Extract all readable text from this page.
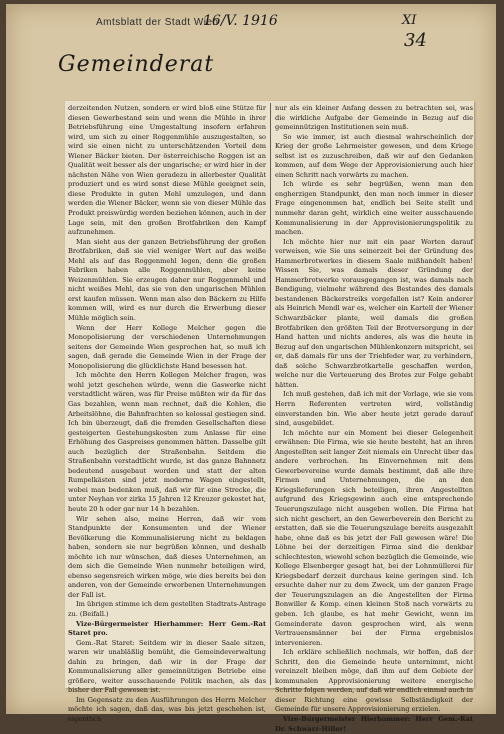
Amtsblatt der Stadt Wien
16/V. 1916	XI
34
Gemeinderat

derzeitenden Nutzen, sondern er wird bloß eine Stütze für diesen Gewerbestand sein und wenn die Mühle in ihrer Betriebsführung eine Umgestaltung insofern erfahren wird, um sich zu einer Roggenmühle auszugestalten, so wird sie einen nicht zu unterschätzenden Vorteil dem Wiener Bäcker bieten. Der österreichische Roggen ist an Qualität weit besser als der ungarische; er wird hier in der nächsten Nähe von Wien geradezu in allerbester Qualität produziert und es wird sonst diese Mühle geeignet sein, diese Produkte in guten Mehl umzulegen, und dann werden die Wiener Bäcker, wenn sie von dieser Mühle das Produkt preiswürdig werden beziehen können, auch in der Lage sein, mit den großen Brotfabriken den Kampf aufzunehmen.

Man sieht aus der ganzen Betriebsführung der großen Brotfabriken, daß sie viel weniger Wert auf das weiße Mehl als auf das Roggenmehl legen, denn die großen Fabriken haben alle Roggenmühlen, aber keine Weizenmühlen. Sie erzeugen daher nur Roggenmehl und nicht weißes Mehl, das sie von den ungarischen Mühlen erst kaufen müssen. Wenn man also den Bäckern zu Hilfe kommen will, wird es nur durch die Erwerbung dieser Mühle möglich sein.

Wenn der Herr Kollege Melcher gegen die Monopolisierung der verschiedenen Unternehmungen seitens der Gemeinde Wien gesprochen hat, so muß ich sagen, daß gerade die Gemeinde Wien in der Frage der Monopolisierung die glücklichste Hand besessen hat.

Ich möchte den Herrn Kollegen Melcher fragen, was wohl jetzt geschehen würde, wenn die Gaswerke nicht verstadtlicht wären, was für Preise müßten wir da für das Gas bezahlen, wenn man rechnet, daß die Kohlen, die Arbeitslöhne, die Bahnfrachten so kolossal gestiegen sind. Ich bin überzeugt, daß die fremden Gesellschaften diese gesteigerten Gestehungskosten zum Anlasse für eine Erhöhung des Gaspreises genommen hätten. Dasselbe gilt auch bezüglich der Straßenbahn. Seitdem die Straßenbahn verstadtlicht wurde, ist das ganze Bahnnetz bedeutend ausgebaut worden und statt der alten Rumpelkästen sind jetzt moderne Wagen eingestellt, wobei man bedenken muß, daß wir für eine Strecke, die unter Neyhan vor zirka 15 Jahren 12 Kreuzer gekostet hat, heute 20 h oder gar nur 14 h bezahlen.

Wir sehen also, meine Herren, daß wir vom Standpunkte der Konsumenten und der Wiener Bevölkerung die Kommunalisierung nicht zu beklagen haben, sondern sie nur begrüßen können, und deshalb möchte ich nur wünschen, daß dieses Unternehmen, an dem sich die Gemeinde Wien nunmehr beteiligen wird, ebenso segensreich wirken möge, wie dies bereits bei den anderen, von der Gemeinde erworbenen Unternehmungen der Fall ist.

Im übrigen stimme ich dem gestellten Stadtrats-Antrage zu. (Beifall.)

Vize-Bürgermeister Hierhammer: Herr Gem.-Rat Staret pro.

Gem.-Rat Staret: Seitdem wir in dieser Saale sitzen, waren wir unabläßlig bemüht, die Gemeindeverwaltung dahin zu bringen, daß wir in der Frage der Kommunalisierung aller gemeinnützigen Betriebe eine größere, weiter ausschauende Politik machen, als das bisher der Fall gewesen ist.

Im Gegensatz zu den Ausführungen des Herrn Melcher möchte ich sagen, daß das, was bis jetzt geschehen ist, eigentlich

nur als ein kleiner Anfang dessen zu betrachten sei, was die wirkliche Aufgabe der Gemeinde in Bezug auf die gemeinnützigen Institutionen sein muß.

So wie immer, ist auch diesmal wahrscheinlich der Krieg der große Lehrmeister gewesen, und dem Kriege selbst ist es zuzuschreiben, daß wir auf den Gedanken kommen, auf dem Wege der Approvisionierung auch hier einen Schritt nach vorwärts zu machen.

Ich würde es sehr begrüßen, wenn man den engherzigen Standpunkt, den man noch immer in dieser Frage eingenommen hat, endlich bei Seite stellt und nunmehr daran geht, wirklich eine weiter ausschauende Kommunalisierung in der Approvisionierungspolitik zu machen.

Ich möchte hier nur mit ein paar Worten darauf verweisen, wie Sie uns seinerzeit bei der Gründung des Hammerbrotwerkes in diesem Saale mißhandelt haben! Wissen Sie, was damals dieser Gründung der Hammerbrotwerke vorausgegangen ist, was damals nach Bendigung, vielmehr während des Bestandes des damals bestandenen Bäckerstreiks vorgefallen ist? Kein anderer als Heinrich Mendl war es, welcher ein Kartell der Wiener Schwarzbäcker plante, weil damals die großen Brotfabriken den größten Teil der Brotversorgung in der Hand hatten und nichts anderes, als was die heute in Bezug auf den ungarischen Mühlenkonzern mitspricht, sei er, daß damals für uns der Triebfeder war, zu verhindern, daß solche Schwarzbrotkartelle geschaffen werden, welche nur die Verteuerung des Brotes zur Folge gehabt hätten.

Ich muß gestehen, daß ich mit der Vorlage, wie sie vom Herrn Referenten vertreten wird, vollständig einverstanden bin. Wie aber heute jetzt gerade darauf sind, ausgebildet.

Ich möchte nur ein Moment bei dieser Gelegenheit erwähnen: Die Firma, wie sie heute besteht, hat an ihren Angestellten seit langer Zeit niemals ein Unrecht über das andere verbrochen. Im Einvernehmen mit dem Gewerbevereine wurde damals bestimmt, daß alle ihre Firmen und Unternehmungen, die an den Kriegslieferungen sich beteiligen, ihren Angestellten aufgrund des Kriegsgewinn auch eine entsprechende Teuerungszulage nicht ausgeben wollen. Die Firma hat sich nicht geschert, an den Gewerbeverein den Bericht zu erstatten, daß sie die Teuerungszulage bereits ausgezahlt habe, ohne daß es bis jetzt der Fall gewesen wäre! Die Löhne bei der derzeitigen Firma sind die denkbar schlechtesten, wiewohl schon bezüglich die Gemeinde, wie Kollege Elsenberger gesagt hat, bei der Lohnmüllerei für Kriegsbedarf derzeit durchaus keine geringen sind. Ich ersuchte daher nur zu dem Zweck, um der ganzen Frage der Teuerungszulagen an die Angestellten der Firma Bonwiller & Komp. einen kleinen Stoß nach vorwärts zu geben. Ich glaube, es hat mehr Gewicht, wenn im Gemeinderate davon gesprochen wird, als wenn Vertrauensmänner bei der Firma ergebnislos intervenieren.

Ich erkläre schließlich nochmals, wir hoffen, daß der Schritt, den die Gemeinde heute unternimmt, nicht vereinzelt bleiben möge, daß ihm auf dem Gebiete der kommunalen Approvisionierung weitere energische Schritte folgen werden, auf daß wir endlich einmal auch in dieser Richtung eine gewisse Selbständigkeit der Gemeinde für unsere Approvisionierung erzielen.

Vize-Bürgermeister Hierhammer: Herr Gem.-Rat Dr. Schwarz-Hiller!
